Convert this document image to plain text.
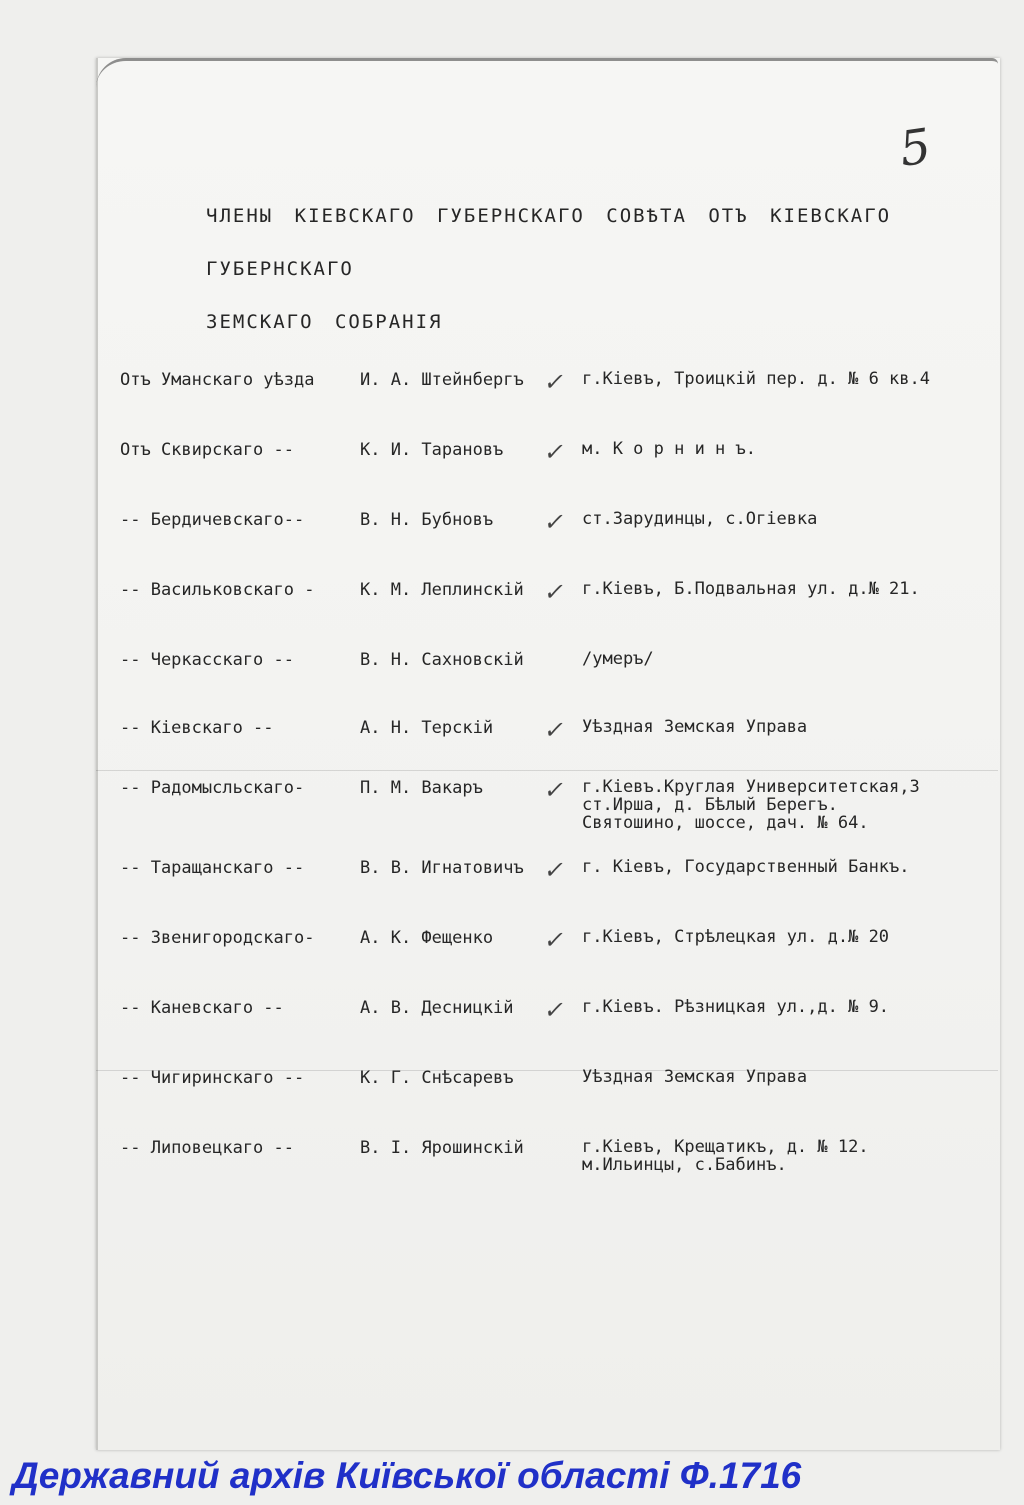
5
ЧЛЕНЫ КІЕВСКАГО ГУБЕРНСКАГО СОВѢТА ОТЪ КІЕВСКАГО ГУБЕРНСКАГО
ЗЕМСКАГО СОБРАНІЯ
Отъ Уманскаго уѣзда	И. А. Штейнбергъ ✓ г.Кіевъ, Троицкій пер. д. № 6 кв.4
Отъ Сквирскаго --	К. И. Тарановъ ✓ м. К о р н и н ъ.
-- Бердичевскаго--	В. Н. Бубновъ ✓ ст.Зарудинцы, с.Огіевка
-- Васильковскаго -	К. М. Леплинскій ✓ г.Кіевъ, Б.Подвальная ул. д.№ 21.
-- Черкасскаго --	В. Н. Сахновскій	/умеръ/
-- Кіевскаго --	А. Н. Терскій ✓ Уѣздная Земская Управа
-- Радомысльскаго-	П. М. Вакаръ ✓ г.Кіевъ.Круглая Университетская,3
ст.Ирша, д. Бѣлый Берегъ.
Святошино, шоссе, дач. № 64.
-- Таращанскаго --	В. В. Игнатовичъ ✓ г. Кіевъ, Государственный Банкъ.
-- Звенигородскаго-	А. К. Фещенко ✓ г.Кіевъ, Стрѣлецкая ул. д.№ 20
-- Каневскаго --	А. В. Десницкій ✓ г.Кіевъ. Рѣзницкая ул.,д. № 9.
-- Чигиринскаго --	К. Г. Снѣсаревъ	Уѣздная Земская Управа
-- Липовецкаго --	В. І. Ярошинскій	г.Кіевъ, Крещатикъ, д. № 12.
м.Ильинцы, с.Бабинъ.
Державний архів Київської області Ф.1716
